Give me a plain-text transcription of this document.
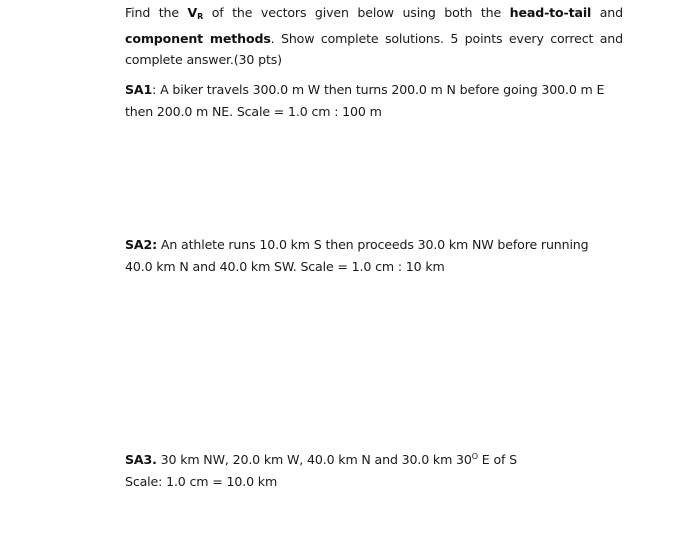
Find the $V_R$ of the vectors given below using both the head-to-tail and component methods. Show complete solutions. 5 points every correct and complete answer.(30 pts)

SA1: A biker travels 300.0 m W then turns 200.0 m N before going 300.0 m E
then 200.0 m NE. Scale = 1.0 cm : 100 m

SA2: An athlete runs 10.0 km S then proceeds 30.0 km NW before running
40.0 km N and 40.0 km SW. Scale = 1.0 cm : 10 km

SA3. 30 km NW, 20.0 km W, 40.0 km N and 30.0 km $30^O$ E of S
Scale: 1.0 cm = 10.0 km
